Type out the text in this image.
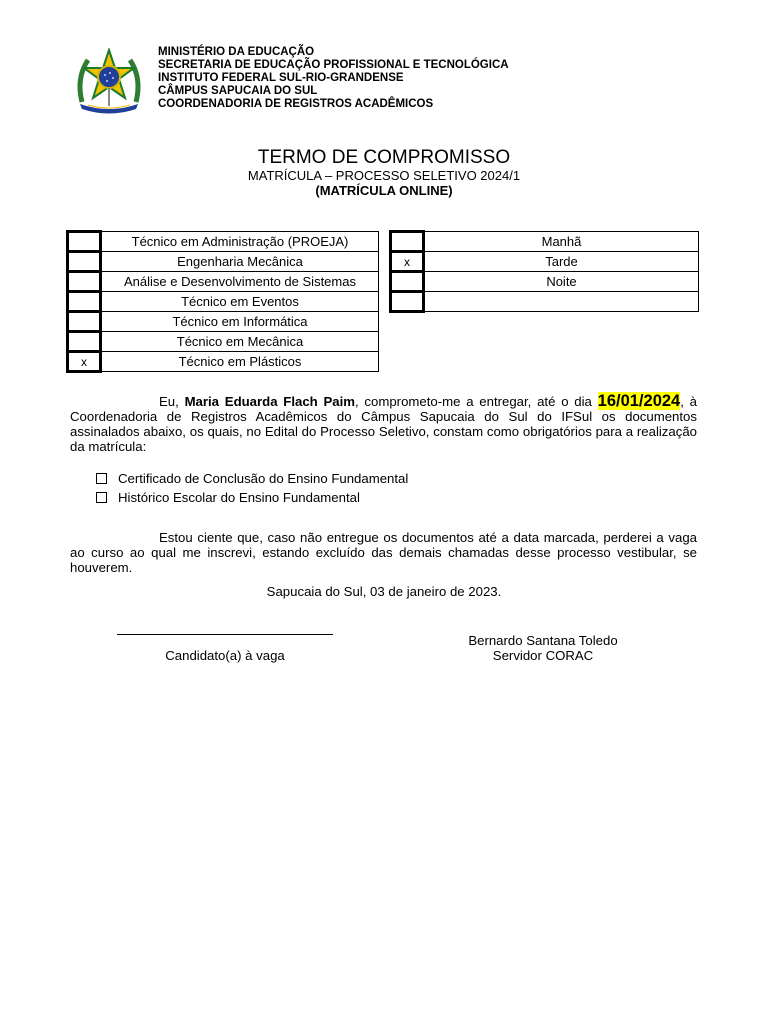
MINISTÉRIO DA EDUCAÇÃO
SECRETARIA DE EDUCAÇÃO PROFISSIONAL E TECNOLÓGICA
INSTITUTO FEDERAL SUL-RIO-GRANDENSE
CÂMPUS SAPUCAIA DO SUL
COORDENADORIA DE REGISTROS ACADÊMICOS
TERMO DE COMPROMISSO
MATRÍCULA – PROCESSO SELETIVO 2024/1
(MATRÍCULA ONLINE)
	Técnico em Administração (PROEJA)
	Engenharia Mecânica
	Análise e Desenvolvimento de Sistemas
	Técnico em Eventos
	Técnico em Informática
	Técnico em Mecânica
x	Técnico em Plásticos
	Manhã
x	Tarde
	Noite

Eu, Maria Eduarda Flach Paim, comprometo-me a entregar, até o dia 16/01/2024, à Coordenadoria de Registros Acadêmicos do Câmpus Sapucaia do Sul do IFSul os documentos assinalados abaixo, os quais, no Edital do Processo Seletivo, constam como obrigatórios para a realização da matrícula:
Certificado de Conclusão do Ensino Fundamental
Histórico Escolar do Ensino Fundamental
Estou ciente que, caso não entregue os documentos até a data marcada, perderei a vaga ao curso ao qual me inscrevi, estando excluído das demais chamadas desse processo vestibular, se houverem.
Sapucaia do Sul, 03 de janeiro de 2023.
Candidato(a) à vaga
Bernardo Santana Toledo
Servidor CORAC
